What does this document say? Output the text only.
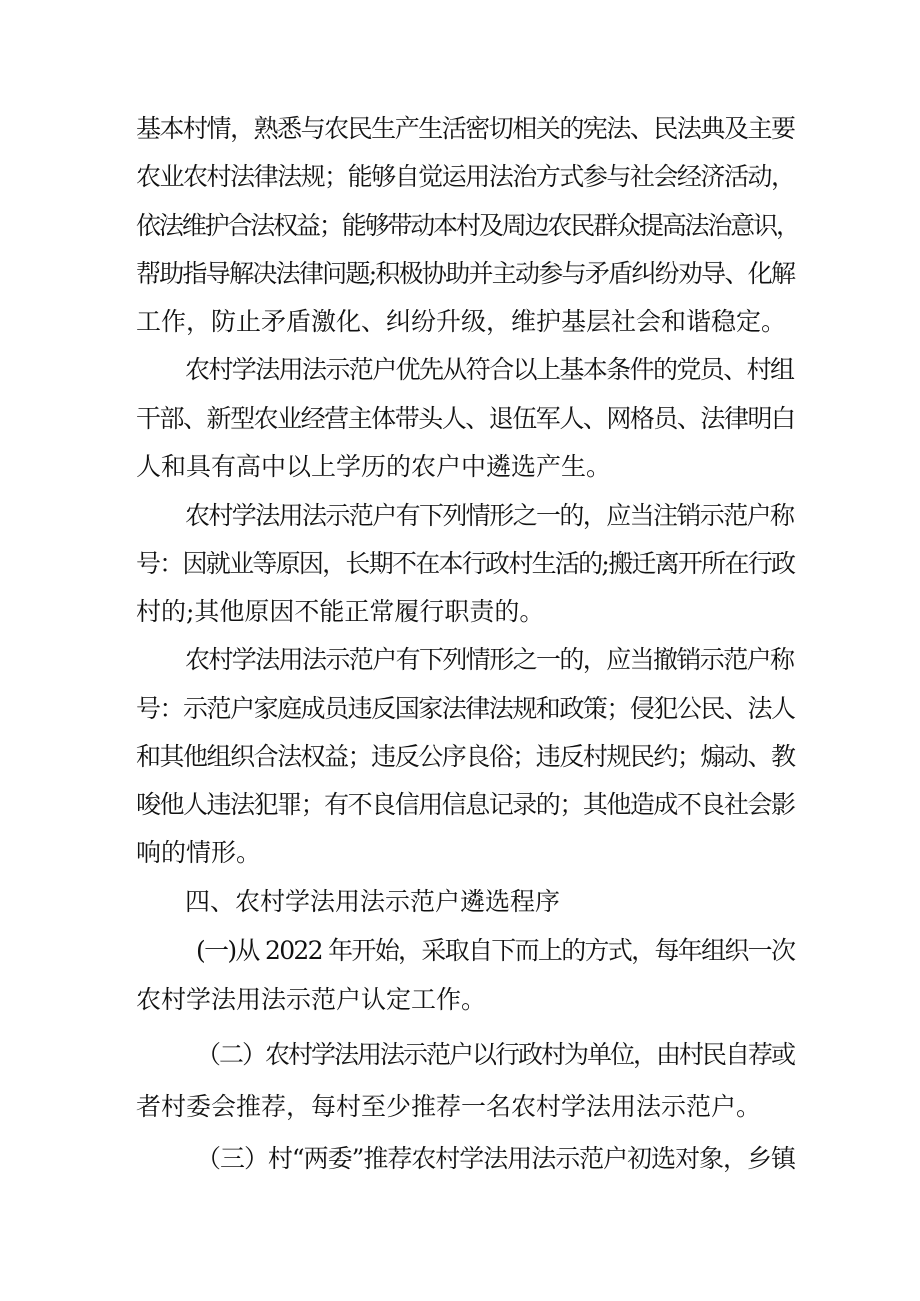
基本村情，熟悉与农民生产生活密切相关的宪法、民法典及主要
农业农村法律法规；能够自觉运用法治方式参与社会经济活动，
依法维护合法权益；能够带动本村及周边农民群众提高法治意识，
帮助指导解决法律问题;积极协助并主动参与矛盾纠纷劝导、化解
工作，防止矛盾激化、纠纷升级，维护基层社会和谐稳定。
农村学法用法示范户优先从符合以上基本条件的党员、村组
干部、新型农业经营主体带头人、退伍军人、网格员、法律明白
人和具有高中以上学历的农户中遴选产生。
农村学法用法示范户有下列情形之一的，应当注销示范户称
号：因就业等原因，长期不在本行政村生活的;搬迁离开所在行政
村的;其他原因不能正常履行职责的。
农村学法用法示范户有下列情形之一的，应当撤销示范户称
号：示范户家庭成员违反国家法律法规和政策；侵犯公民、法人
和其他组织合法权益；违反公序良俗；违反村规民约；煽动、教
唆他人违法犯罪；有不良信用信息记录的；其他造成不良社会影
响的情形。
四、农村学法用法示范户遴选程序
(一)从 2022 年开始，采取自下而上的方式，每年组织一次
农村学法用法示范户认定工作。
（二）农村学法用法示范户以行政村为单位，由村民自荐或
者村委会推荐，每村至少推荐一名农村学法用法示范户。
（三）村“两委”推荐农村学法用法示范户初选对象，乡镇
